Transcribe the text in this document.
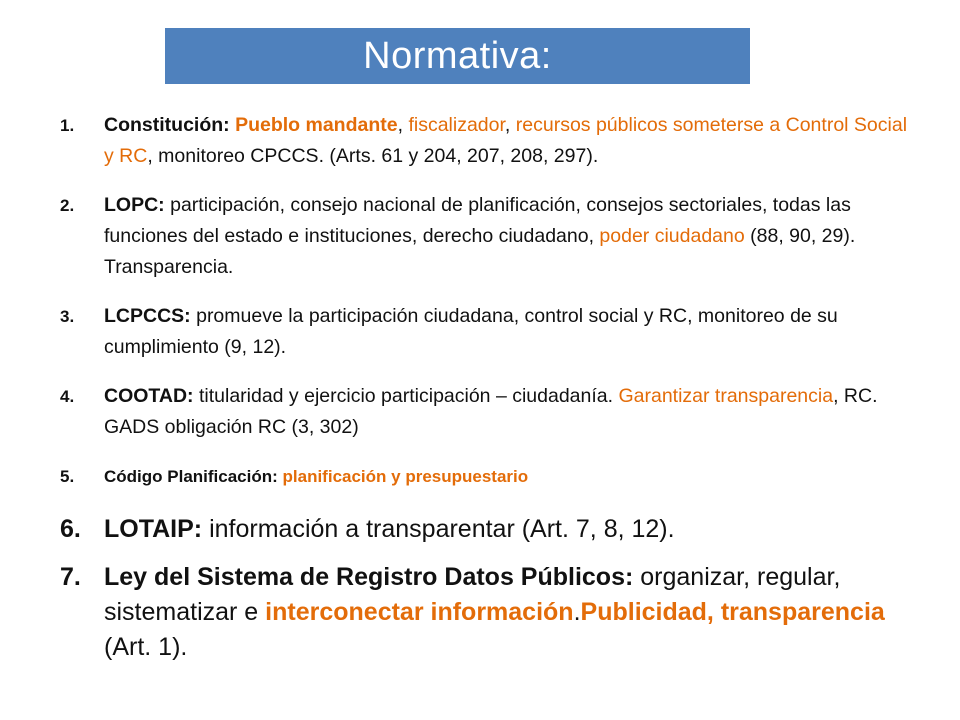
Normativa:
1. Constitución: Pueblo mandante, fiscalizador, recursos públicos someterse a Control Social y RC, monitoreo CPCCS. (Arts. 61 y 204, 207, 208, 297).
2. LOPC: participación, consejo nacional de planificación, consejos sectoriales, todas las funciones del estado e instituciones, derecho ciudadano, poder ciudadano (88, 90, 29). Transparencia.
3. LCPCCS: promueve la participación ciudadana, control social y RC, monitoreo de su cumplimiento (9, 12).
4. COOTAD: titularidad y ejercicio participación – ciudadanía. Garantizar transparencia, RC. GADS obligación RC (3, 302)
5. Código Planificación: planificación y presupuestario
6. LOTAIP: información a transparentar (Art. 7, 8, 12).
7. Ley del Sistema de Registro Datos Públicos: organizar, regular, sistematizar e interconectar información.Publicidad, transparencia (Art. 1).
